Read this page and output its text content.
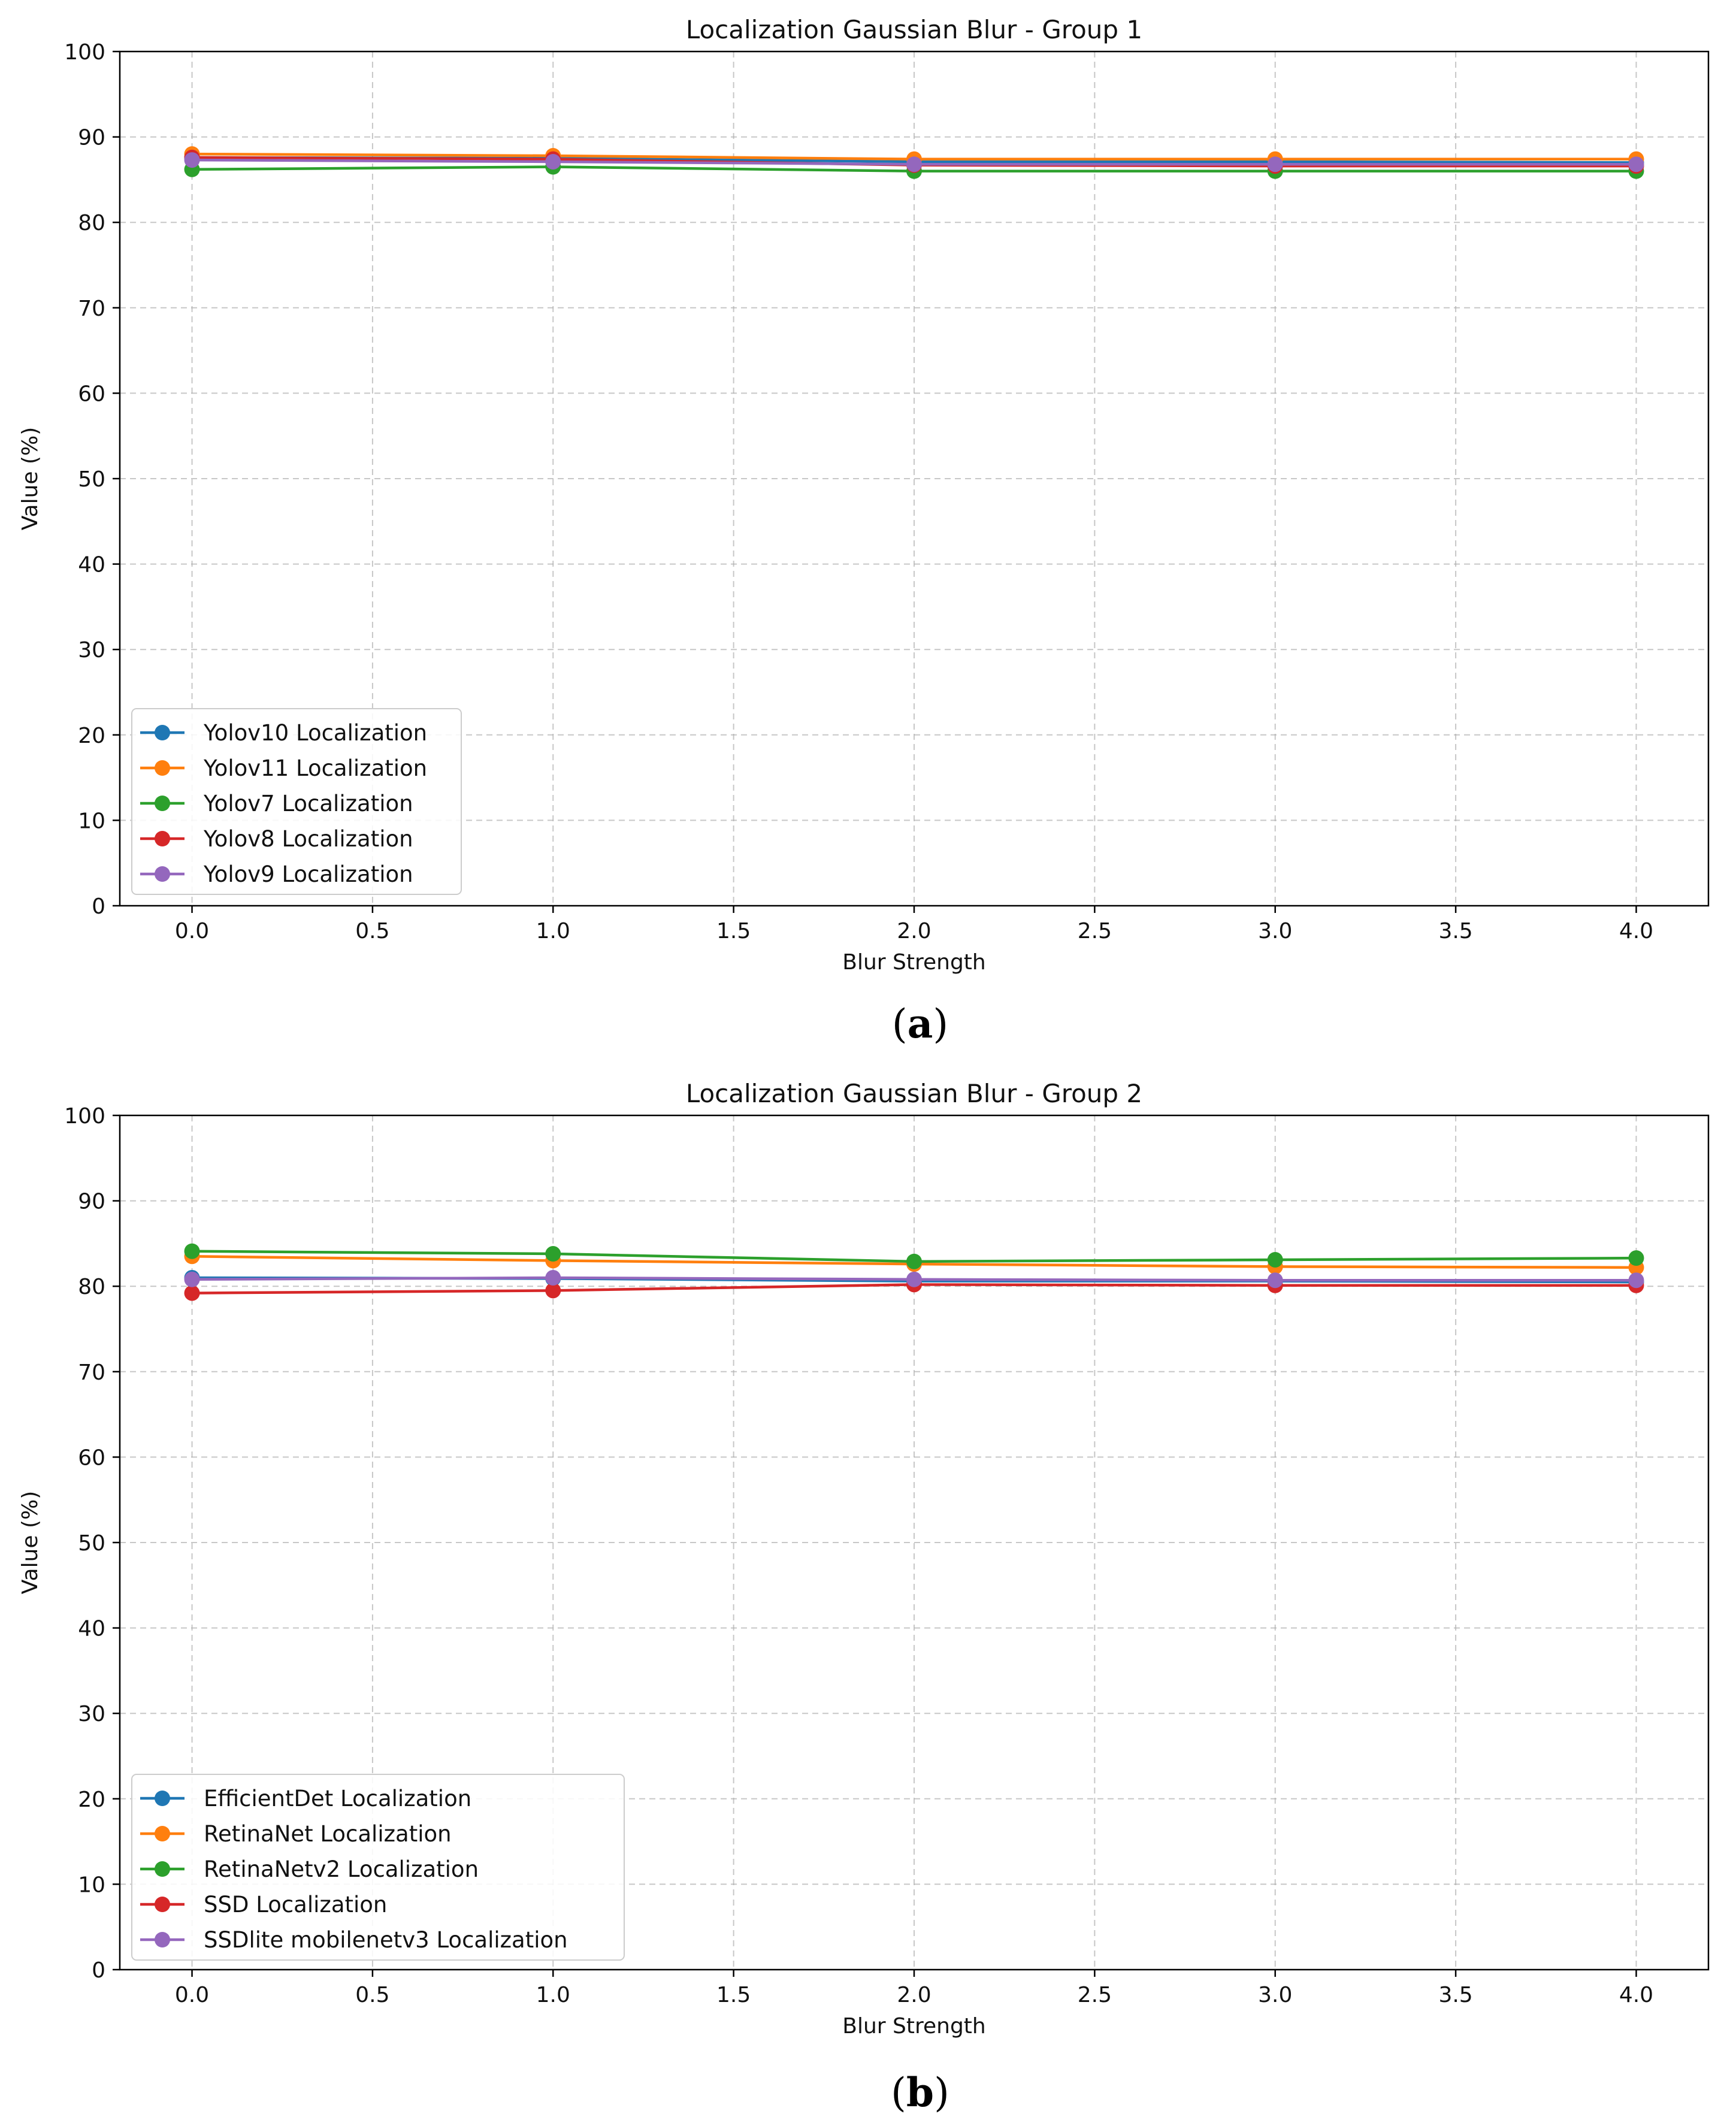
Localization Gaussian Blur - Group 1
0.0	0.5	1.0	1.5	2.0	2.5	3.0	3.5	4.0
0
10
20
30
40
50
60
70
80
90
100
Blur Strength
Value (%)
Yolov10 Localization
Yolov11 Localization
Yolov7 Localization
Yolov8 Localization
Yolov9 Localization
(a)
Localization Gaussian Blur - Group 2
0.0	0.5	1.0	1.5	2.0	2.5	3.0	3.5	4.0
0
10
20
30
40
50
60
70
80
90
100
Blur Strength
Value (%)
EfficientDet Localization
RetinaNet Localization
RetinaNetv2 Localization
SSD Localization
SSDlite mobilenetv3 Localization
(b)
